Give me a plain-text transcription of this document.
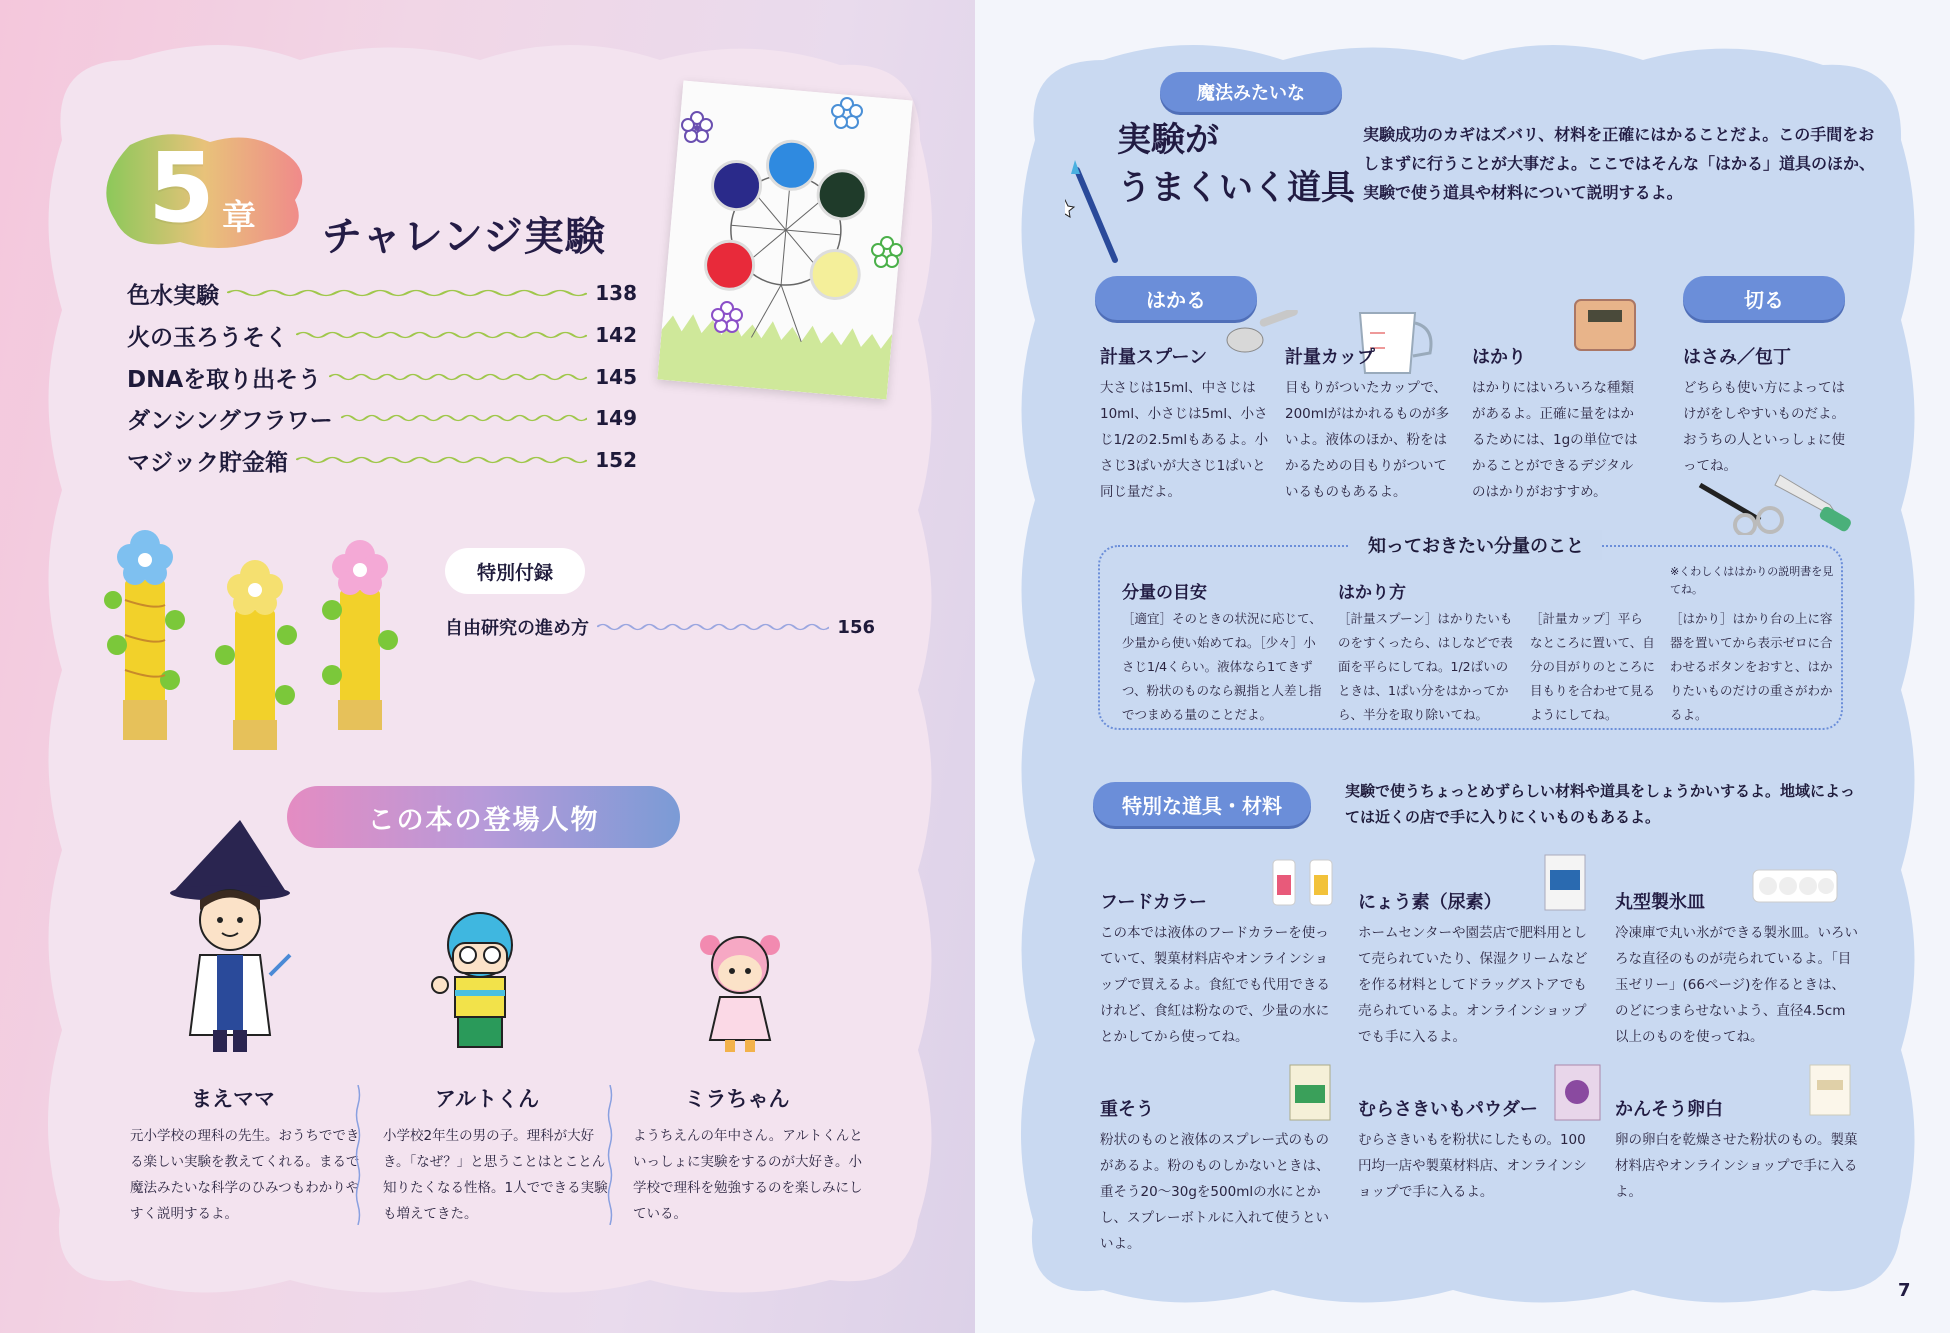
5 章 チャレンジ実験
色水実験	138
火の玉ろうそく	142
DNAを取り出そう	145
ダンシングフラワー	149
マジック貯金箱	152
特別付録
自由研究の進め方	156
この本の登場人物
まえママ
元小学校の理科の先生。おうちでできる楽しい実験を教えてくれる。まるで魔法みたいな科学のひみつもわかりやすく説明するよ。
アルトくん
小学校2年生の男の子。理科が大好き。「なぜ？」と思うことはとことん知りたくなる性格。1人でできる実験も増えてきた。
ミラちゃん
ようちえんの年中さん。アルトくんといっしょに実験をするのが大好き。小学校で理科を勉強するのを楽しみにしている。
魔法みたいな
実験が
うまくいく道具
実験成功のカギはズバリ、材料を正確にはかることだよ。この手間をおしまずに行うことが大事だよ。ここではそんな「はかる」道具のほか、実験で使う道具や材料について説明するよ。
はかる	切る
計量スプーン
大さじは15ml、中さじは10ml、小さじは5ml、小さじ1/2の2.5mlもあるよ。小さじ3ばいが大さじ1ぱいと同じ量だよ。
計量カップ
目もりがついたカップで、200mlがはかれるものが多いよ。液体のほか、粉をはかるための目もりがついているものもあるよ。
はかり
はかりにはいろいろな種類があるよ。正確に量をはかるためには、1gの単位ではかることができるデジタルのはかりがおすすめ。
はさみ／包丁
どちらも使い方によってはけがをしやすいものだよ。おうちの人といっしょに使ってね。
知っておきたい分量のこと
※くわしくははかりの説明書を見てね。
分量の目安
［適宜］そのときの状況に応じて、少量から使い始めてね。［少々］小さじ1/4くらい。液体なら1てきずつ、粉状のものなら親指と人差し指でつまめる量のことだよ。
はかり方
［計量スプーン］はかりたいものをすくったら、はしなどで表面を平らにしてね。1/2ばいのときは、1ぱい分をはかってから、半分を取り除いてね。
［計量カップ］平らなところに置いて、自分の目がりのところに目もりを合わせて見るようにしてね。
［はかり］はかり台の上に容器を置いてから表示ゼロに合わせるボタンをおすと、はかりたいものだけの重さがわかるよ。
特別な道具・材料
実験で使うちょっとめずらしい材料や道具をしょうかいするよ。地域によっては近くの店で手に入りにくいものもあるよ。
フードカラー
この本では液体のフードカラーを使っていて、製菓材料店やオンラインショップで買えるよ。食紅でも代用できるけれど、食紅は粉なので、少量の水にとかしてから使ってね。
にょう素（尿素）
ホームセンターや園芸店で肥料用として売られていたり、保湿クリームなどを作る材料としてドラッグストアでも売られているよ。オンラインショップでも手に入るよ。
丸型製氷皿
冷凍庫で丸い氷ができる製氷皿。いろいろな直径のものが売られているよ。「目玉ゼリー」(66ページ)を作るときは、のどにつまらせないよう、直径4.5cm以上のものを使ってね。
重そう
粉状のものと液体のスプレー式のものがあるよ。粉のものしかないときは、重そう20～30gを500mlの水にとかし、スプレーボトルに入れて使うといいよ。
むらさきいもパウダー
むらさきいもを粉状にしたもの。100円均一店や製菓材料店、オンラインショップで手に入るよ。
かんそう卵白
卵の卵白を乾燥させた粉状のもの。製菓材料店やオンラインショップで手に入るよ。
7
